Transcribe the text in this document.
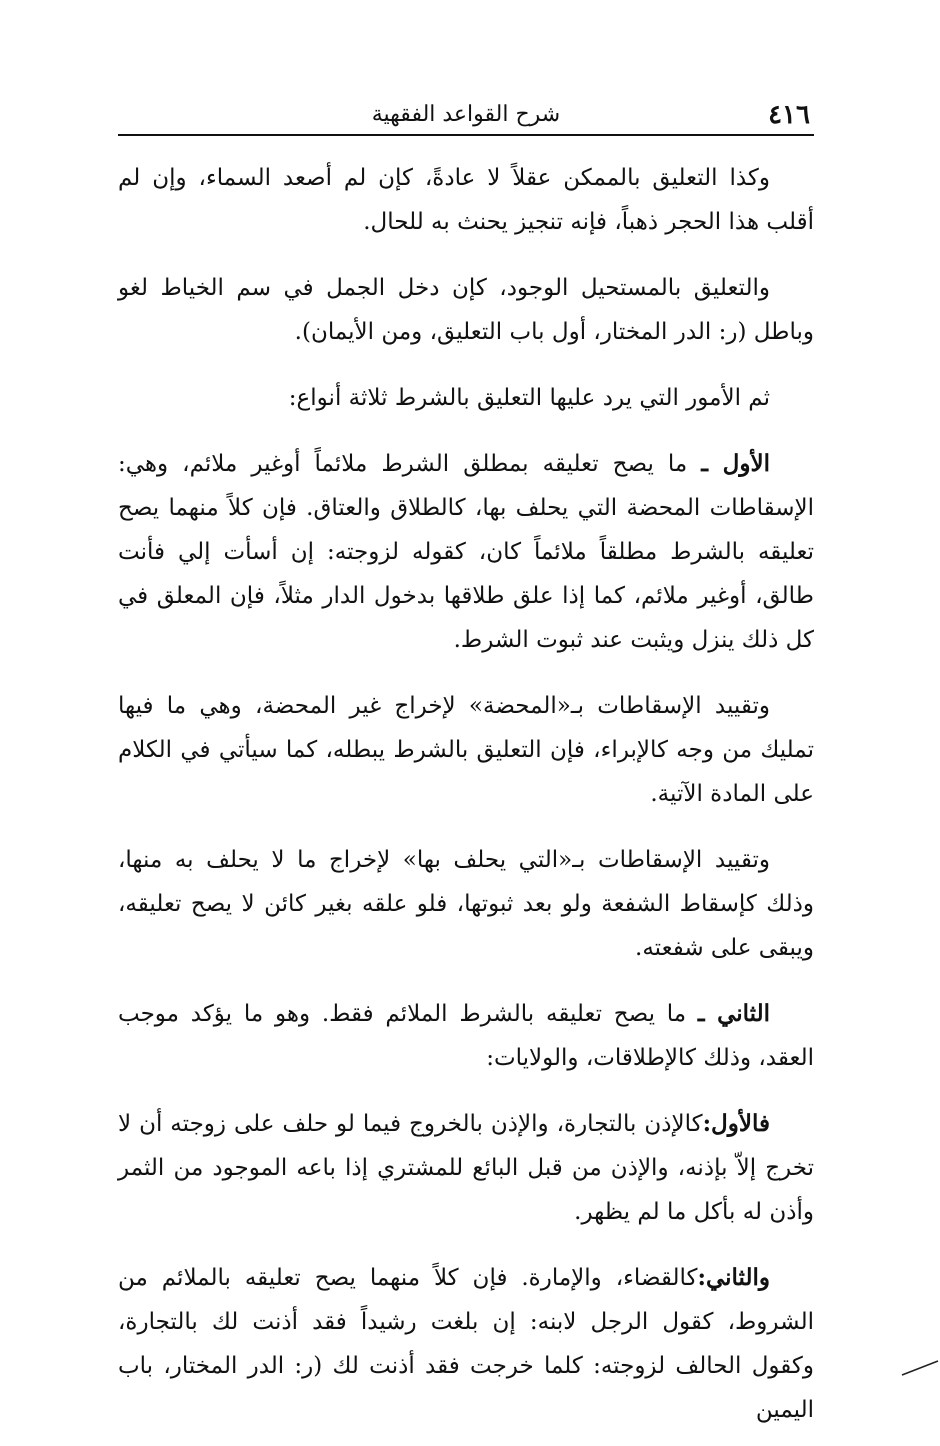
٤١٦
شرح القواعد الفقهية

وكذا التعليق بالممكن عقلاً لا عادةً، كإن لم أصعد السماء، وإن لم أقلب هذا الحجر ذهباً، فإنه تنجيز يحنث به للحال.

والتعليق بالمستحيل الوجود، كإن دخل الجمل في سم الخياط لغو وباطل (ر: الدر المختار، أول باب التعليق، ومن الأيمان).

ثم الأمور التي يرد عليها التعليق بالشرط ثلاثة أنواع:

الأول ـ ما يصح تعليقه بمطلق الشرط ملائماً أوغير ملائم، وهي: الإسقاطات المحضة التي يحلف بها، كالطلاق والعتاق. فإن كلاً منهما يصح تعليقه بالشرط مطلقاً ملائماً كان، كقوله لزوجته: إن أسأت إلي فأنت طالق، أوغير ملائم، كما إذا علق طلاقها بدخول الدار مثلاً، فإن المعلق في كل ذلك ينزل ويثبت عند ثبوت الشرط.

وتقييد الإسقاطات بـ«المحضة» لإخراج غير المحضة، وهي ما فيها تمليك من وجه كالإبراء، فإن التعليق بالشرط يبطله، كما سيأتي في الكلام على المادة الآتية.

وتقييد الإسقاطات بـ«التي يحلف بها» لإخراج ما لا يحلف به منها، وذلك كإسقاط الشفعة ولو بعد ثبوتها، فلو علقه بغير كائن لا يصح تعليقه، ويبقى على شفعته.

الثاني ـ ما يصح تعليقه بالشرط الملائم فقط. وهو ما يؤكد موجب العقد، وذلك كالإطلاقات، والولايات:

فالأول:كالإذن بالتجارة، والإذن بالخروج فيما لو حلف على زوجته أن لا تخرج إلاّ بإذنه، والإذن من قبل البائع للمشتري إذا باعه الموجود من الثمر وأذن له بأكل ما لم يظهر.

والثاني:كالقضاء، والإمارة. فإن كلاً منهما يصح تعليقه بالملائم من الشروط، كقول الرجل لابنه: إن بلغت رشيداً فقد أذنت لك بالتجارة، وكقول الحالف لزوجته: كلما خرجت فقد أذنت لك (ر: الدر المختار، باب اليمين
